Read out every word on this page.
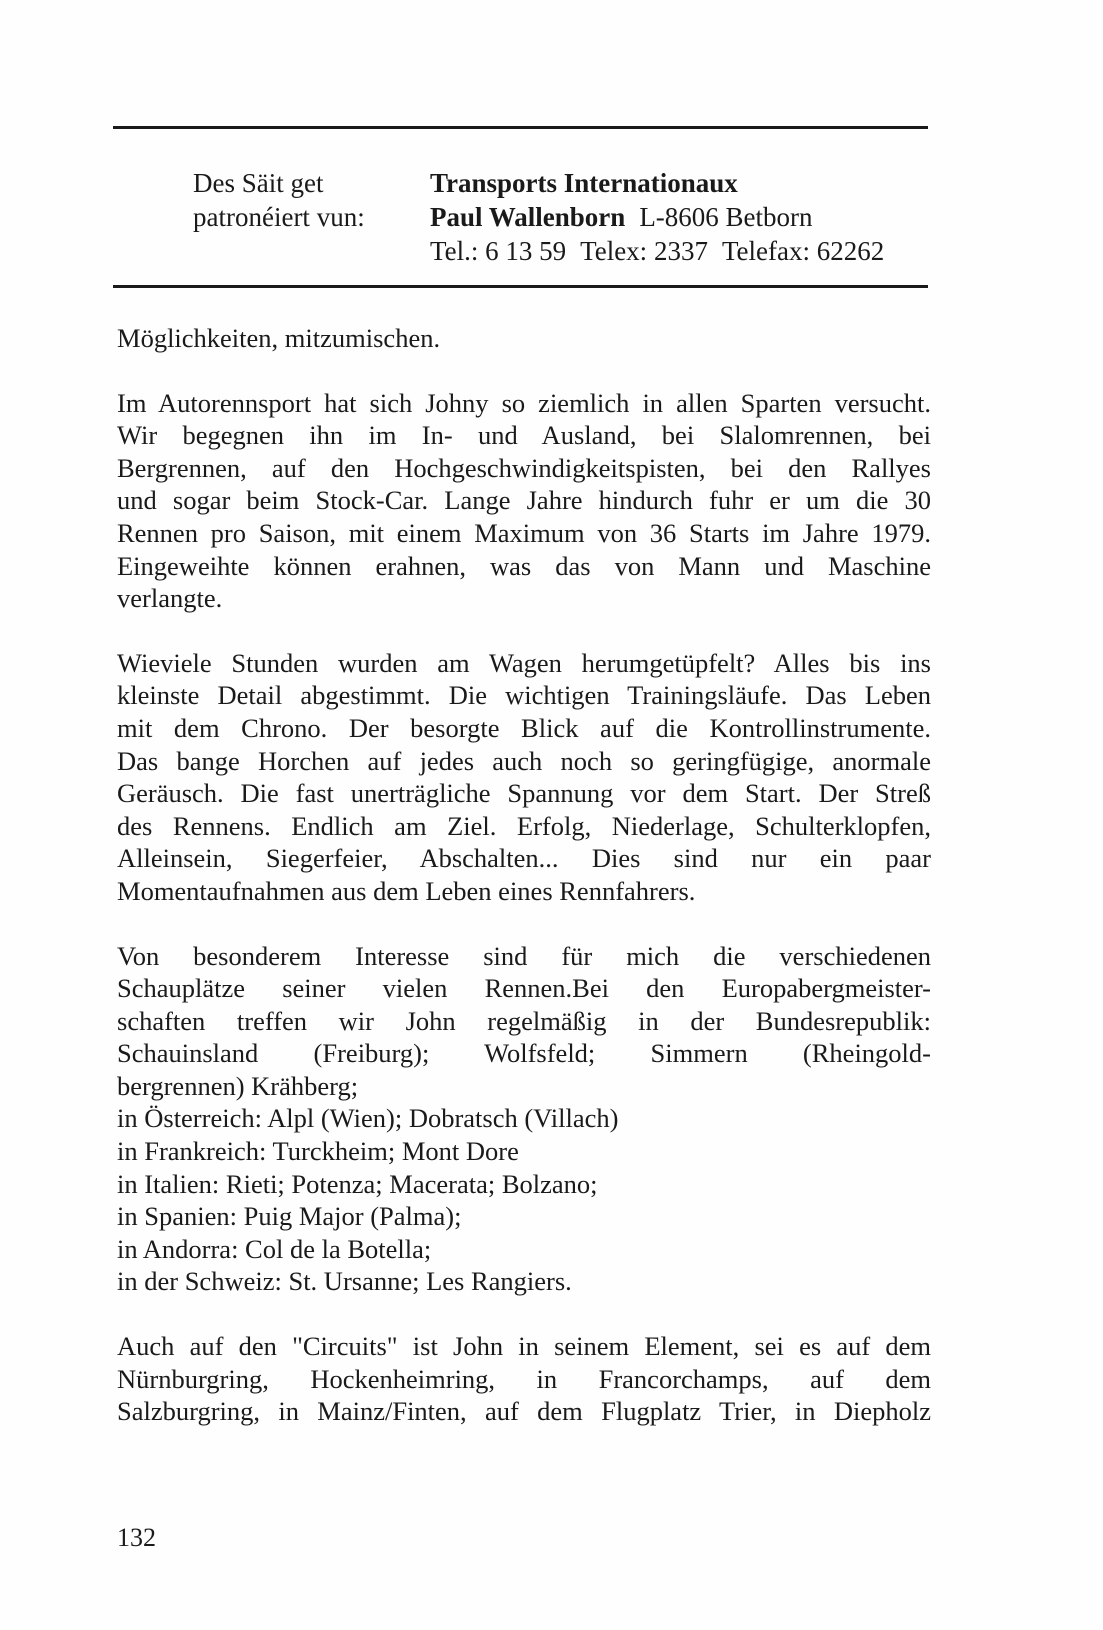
Des Säit get
patronéiert vun:
Transports Internationaux
Paul Wallenborn L-8606 Betborn
Tel.: 6 13 59 Telex: 2337 Telefax: 62262
Möglichkeiten, mitzumischen.
Im Autorennsport hat sich Johny so ziemlich in allen Sparten versucht.
Wir begegnen ihn im In- und Ausland, bei Slalomrennen, bei
Bergrennen, auf den Hochgeschwindigkeitspisten, bei den Rallyes
und sogar beim Stock-Car. Lange Jahre hindurch fuhr er um die 30
Rennen pro Saison, mit einem Maximum von 36 Starts im Jahre 1979.
Eingeweihte können erahnen, was das von Mann und Maschine
verlangte.
Wieviele Stunden wurden am Wagen herumgetüpfelt? Alles bis ins
kleinste Detail abgestimmt. Die wichtigen Trainingsläufe. Das Leben
mit dem Chrono. Der besorgte Blick auf die Kontrollinstrumente.
Das bange Horchen auf jedes auch noch so geringfügige, anormale
Geräusch. Die fast unerträgliche Spannung vor dem Start. Der Streß
des Rennens. Endlich am Ziel. Erfolg, Niederlage, Schulterklopfen,
Alleinsein, Siegerfeier, Abschalten... Dies sind nur ein paar
Momentaufnahmen aus dem Leben eines Rennfahrers.
Von besonderem Interesse sind für mich die verschiedenen
Schauplätze seiner vielen Rennen.Bei den Europabergmeister-
schaften treffen wir John regelmäßig in der Bundesrepublik:
Schauinsland (Freiburg); Wolfsfeld; Simmern (Rheingold-
bergrennen) Krähberg;
in Österreich: Alpl (Wien); Dobratsch (Villach)
in Frankreich: Turckheim; Mont Dore
in Italien: Rieti; Potenza; Macerata; Bolzano;
in Spanien: Puig Major (Palma);
in Andorra: Col de la Botella;
in der Schweiz: St. Ursanne; Les Rangiers.
Auch auf den "Circuits" ist John in seinem Element, sei es auf dem
Nürnburgring, Hockenheimring, in Francorchamps, auf dem
Salzburgring, in Mainz/Finten, auf dem Flugplatz Trier, in Diepholz
132
